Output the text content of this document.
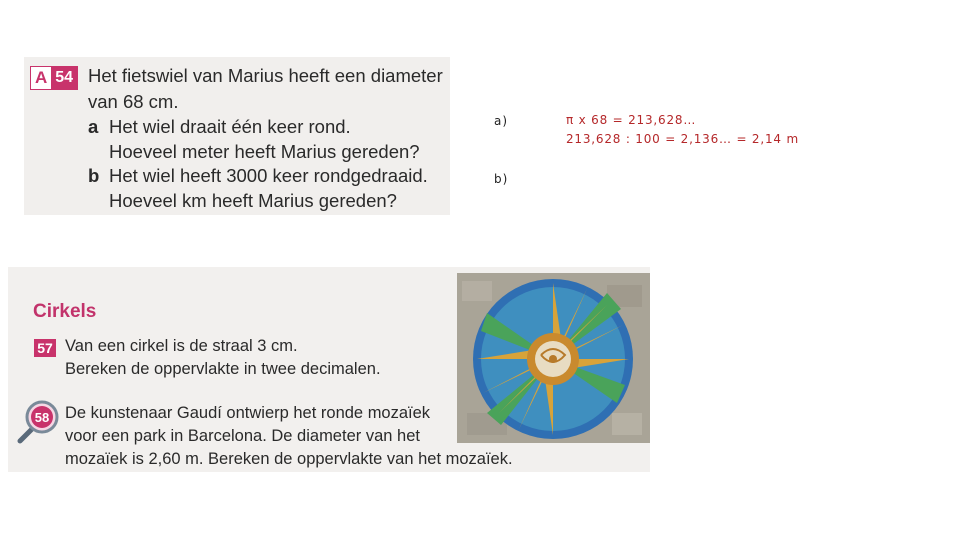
A 54 Het fietswiel van Marius heeft een diameter
van 68 cm.
a Het wiel draait één keer rond.
Hoeveel meter heeft Marius gereden?
b Het wiel heeft 3000 keer rondgedraaid.
Hoeveel km heeft Marius gereden?
a)	π x 68 = 213,628…
213,628 : 100 = 2,136… = 2,14 m
b)
Cirkels
57 Van een cirkel is de straal 3 cm.
Bereken de oppervlakte in twee decimalen.
58 De kunstenaar Gaudí ontwierp het ronde mozaïek
voor een park in Barcelona. De diameter van het
mozaïek is 2,60 m. Bereken de oppervlakte van het mozaïek.
